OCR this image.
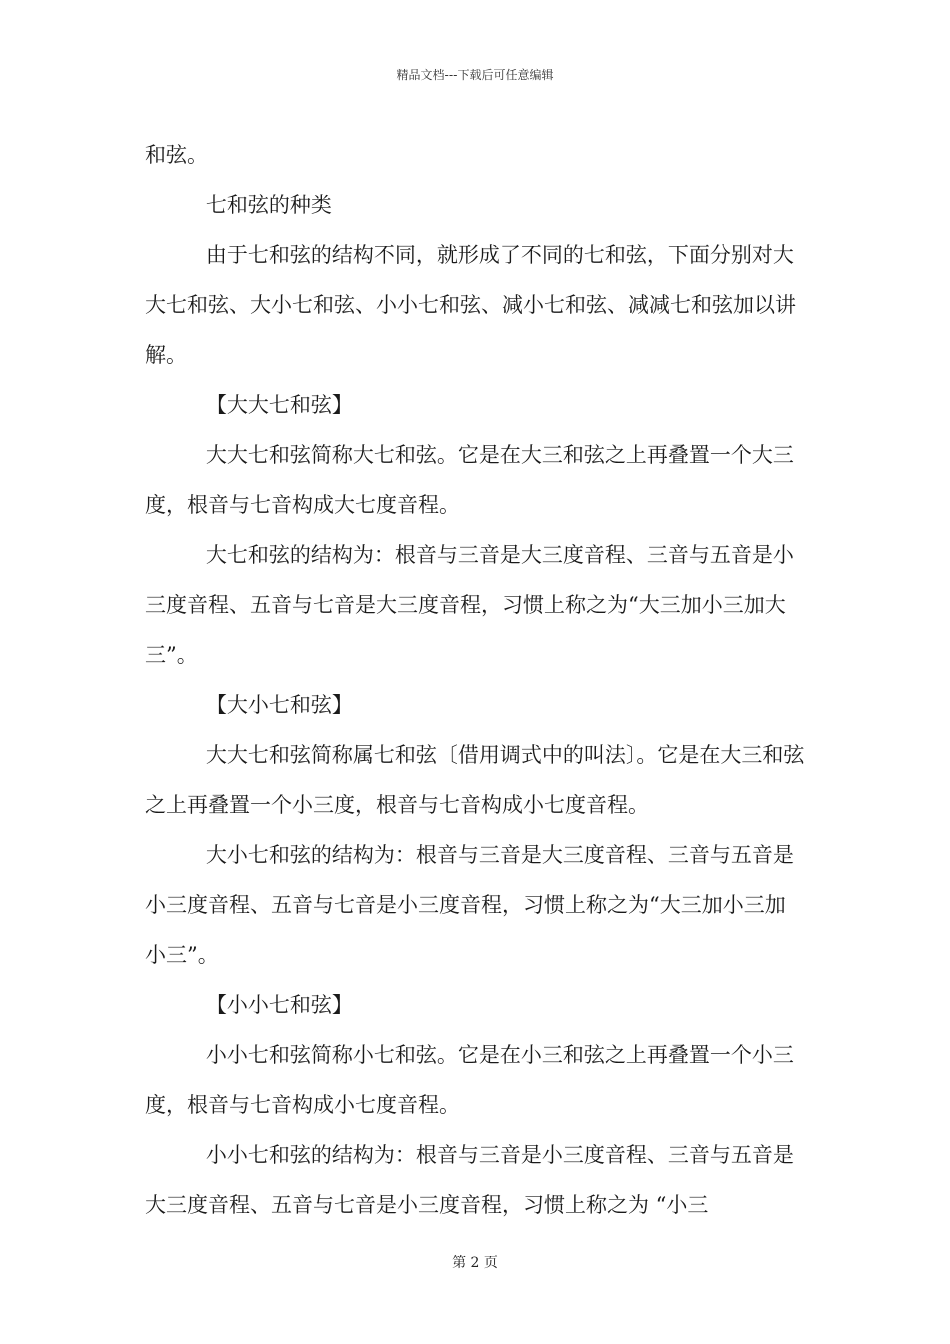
精品文档---下载后可任意编辑

和弦。

七和弦的种类

由于七和弦的结构不同，就形成了不同的七和弦，下面分别对大大七和弦、大小七和弦、小小七和弦、减小七和弦、减减七和弦加以讲解。

【大大七和弦】

大大七和弦简称大七和弦。它是在大三和弦之上再叠置一个大三度，根音与七音构成大七度音程。

大七和弦的结构为：根音与三音是大三度音程、三音与五音是小三度音程、五音与七音是大三度音程，习惯上称之为“大三加小三加大三”。

【大小七和弦】

大大七和弦简称属七和弦〔借用调式中的叫法〕。它是在大三和弦之上再叠置一个小三度，根音与七音构成小七度音程。

大小七和弦的结构为：根音与三音是大三度音程、三音与五音是小三度音程、五音与七音是小三度音程，习惯上称之为“大三加小三加小三”。

【小小七和弦】

小小七和弦简称小七和弦。它是在小三和弦之上再叠置一个小三度，根音与七音构成小七度音程。

小小七和弦的结构为：根音与三音是小三度音程、三音与五音是大三度音程、五音与七音是小三度音程，习惯上称之为 “小三

第 2 页
